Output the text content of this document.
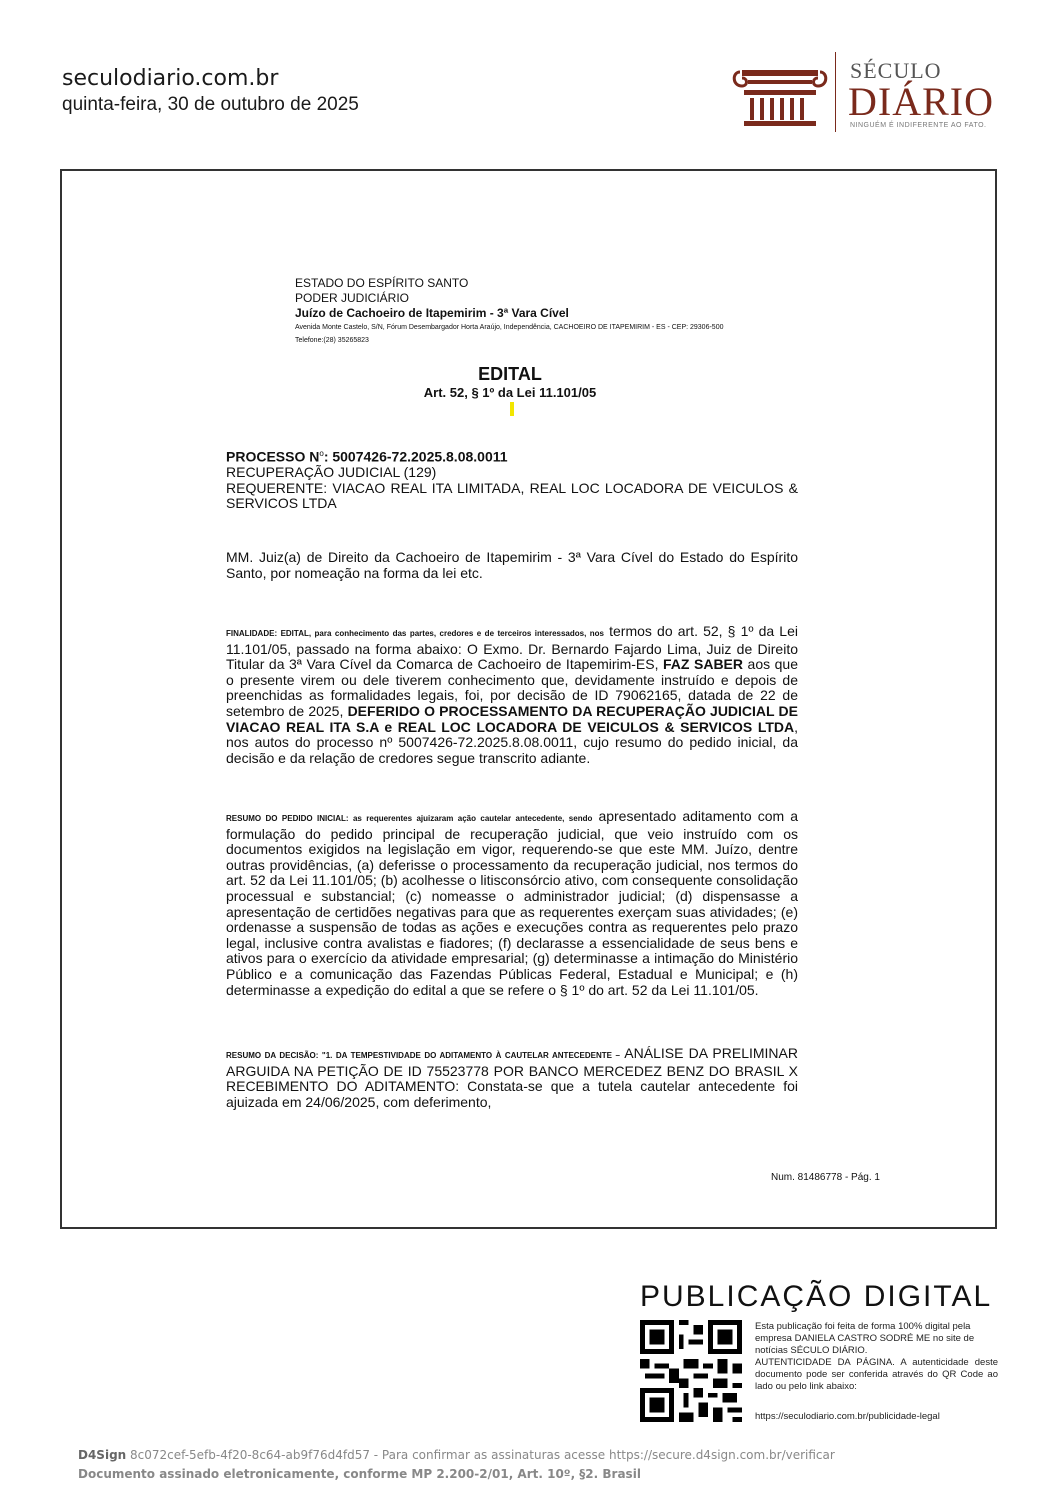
seculodiario.com.br
quinta-feira, 30 de outubro de 2025
SÉCULO
DIÁRIO
NINGUÉM É INDIFERENTE AO FATO.
ESTADO DO ESPÍRITO SANTO
PODER JUDICIÁRIO
Juízo de Cachoeiro de Itapemirim - 3ª Vara Cível
Avenida Monte Castelo, S/N, Fórum Desembargador Horta Araújo, Independência, CACHOEIRO DE ITAPEMIRIM - ES - CEP: 29306-500
Telefone:(28) 35265823
EDITAL
Art. 52, § 1º da Lei 11.101/05
PROCESSO $N^o$: 5007426-72.2025.8.08.0011
RECUPERAÇÃO JUDICIAL (129)
REQUERENTE: VIACAO REAL ITA LIMITADA, REAL LOC LOCADORA DE VEICULOS & SERVICOS LTDA
MM. Juiz(a) de Direito da Cachoeiro de Itapemirim - 3ª Vara Cível do Estado do Espírito Santo, por nomeação na forma da lei etc.
FINALIDADE: EDITAL, para conhecimento das partes, credores e de terceiros interessados, nos termos do art. 52, § 1º da Lei 11.101/05, passado na forma abaixo: O Exmo. Dr. Bernardo Fajardo Lima, Juiz de Direito Titular da 3ª Vara Cível da Comarca de Cachoeiro de Itapemirim-ES, FAZ SABER aos que o presente virem ou dele tiverem conhecimento que, devidamente instruído e depois de preenchidas as formalidades legais, foi, por decisão de ID 79062165, datada de 22 de setembro de 2025, DEFERIDO O PROCESSAMENTO DA RECUPERAÇÃO JUDICIAL DE VIACAO REAL ITA S.A e REAL LOC LOCADORA DE VEICULOS & SERVICOS LTDA, nos autos do processo nº 5007426-72.2025.8.08.0011, cujo resumo do pedido inicial, da decisão e da relação de credores segue transcrito adiante.
RESUMO DO PEDIDO INICIAL: as requerentes ajuizaram ação cautelar antecedente, sendo apresentado aditamento com a formulação do pedido principal de recuperação judicial, que veio instruído com os documentos exigidos na legislação em vigor, requerendo-se que este MM. Juízo, dentre outras providências, (a) deferisse o processamento da recuperação judicial, nos termos do art. 52 da Lei 11.101/05; (b) acolhesse o litisconsórcio ativo, com consequente consolidação processual e substancial; (c) nomeasse o administrador judicial; (d) dispensasse a apresentação de certidões negativas para que as requerentes exerçam suas atividades; (e) ordenasse a suspensão de todas as ações e execuções contra as requerentes pelo prazo legal, inclusive contra avalistas e fiadores; (f) declarasse a essencialidade de seus bens e ativos para o exercício da atividade empresarial; (g) determinasse a intimação do Ministério Público e a comunicação das Fazendas Públicas Federal, Estadual e Municipal; e (h) determinasse a expedição do edital a que se refere o § 1º do art. 52 da Lei 11.101/05.
RESUMO DA DECISÃO: "1. DA TEMPESTIVIDADE DO ADITAMENTO À CAUTELAR ANTECEDENTE – ANÁLISE DA PRELIMINAR ARGUIDA NA PETIÇÃO DE ID 75523778 POR BANCO MERCEDEZ BENZ DO BRASIL X RECEBIMENTO DO ADITAMENTO: Constata-se que a tutela cautelar antecedente foi ajuizada em 24/06/2025, com deferimento,
Num. 81486778 - Pág. 1
PUBLICAÇÃO DIGITAL

Esta publicação foi feita de forma 100% digital pela empresa DANIELA CASTRO SODRÉ ME no site de notícias SÉCULO DIÁRIO.

AUTENTICIDADE DA PÁGINA. A autenticidade deste documento pode ser conferida através do QR Code ao lado ou pelo link abaixo:

https://seculodiario.com.br/publicidade-legal
D4Sign 8c072cef-5efb-4f20-8c64-ab9f76d4fd57 - Para confirmar as assinaturas acesse https://secure.d4sign.com.br/verificar
Documento assinado eletronicamente, conforme MP 2.200-2/01, Art. 10º, §2. Brasil
